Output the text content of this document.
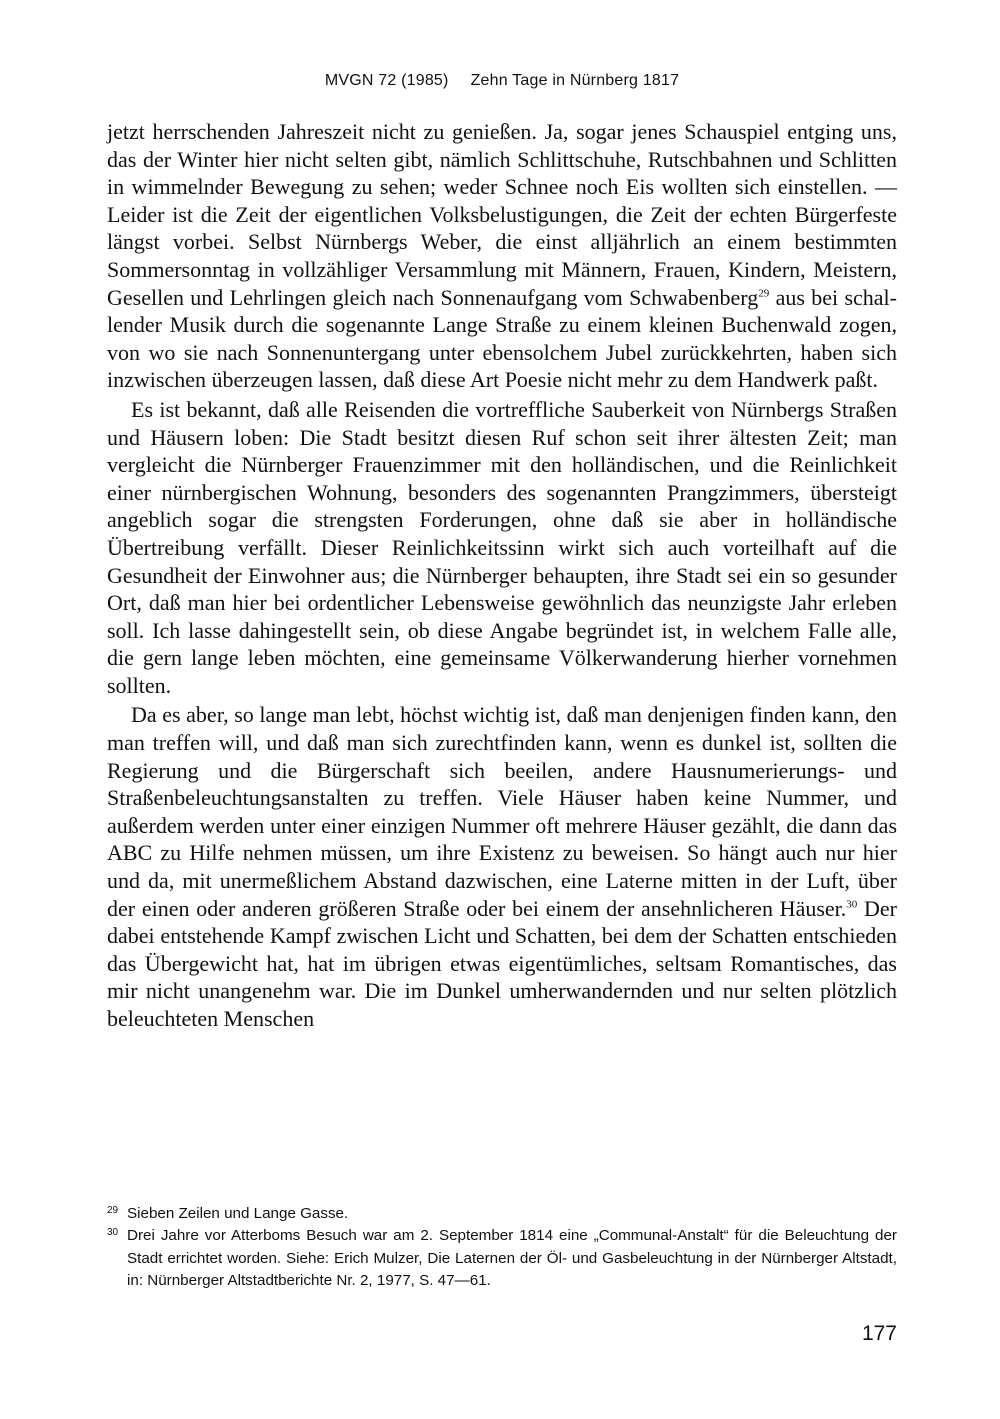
MVGN 72 (1985) Zehn Tage in Nürnberg 1817

jetzt herrschenden Jahreszeit nicht zu genießen. Ja, sogar jenes Schauspiel entging uns, das der Winter hier nicht selten gibt, nämlich Schlittschuhe, Rutschbahnen und Schlitten in wimmelnder Bewegung zu sehen; weder Schnee noch Eis wollten sich einstellen. — Leider ist die Zeit der eigentlichen Volksbelustigungen, die Zeit der echten Bürgerfeste längst vorbei. Selbst Nürnbergs Weber, die einst alljährlich an einem bestimmten Sommersonntag in vollzähliger Versammlung mit Männern, Frauen, Kindern, Meistern, Gesellen und Lehrlingen gleich nach Sonnenaufgang vom Schwabenberg$^{29}$ aus bei schallender Musik durch die sogenannte Lange Straße zu einem kleinen Buchenwald zogen, von wo sie nach Sonnenuntergang unter ebensolchem Jubel zurückkehrten, haben sich inzwischen überzeugen lassen, daß diese Art Poesie nicht mehr zu dem Handwerk paßt.

Es ist bekannt, daß alle Reisenden die vortreffliche Sauberkeit von Nürnbergs Straßen und Häusern loben: Die Stadt besitzt diesen Ruf schon seit ihrer ältesten Zeit; man vergleicht die Nürnberger Frauenzimmer mit den holländischen, und die Reinlichkeit einer nürnbergischen Wohnung, besonders des sogenannten Prangzimmers, übersteigt angeblich sogar die strengsten Forderungen, ohne daß sie aber in holländische Übertreibung verfällt. Dieser Reinlichkeitssinn wirkt sich auch vorteilhaft auf die Gesundheit der Einwohner aus; die Nürnberger behaupten, ihre Stadt sei ein so gesunder Ort, daß man hier bei ordentlicher Lebensweise gewöhnlich das neunzigste Jahr erleben soll. Ich lasse dahingestellt sein, ob diese Angabe begründet ist, in welchem Falle alle, die gern lange leben möchten, eine gemeinsame Völkerwanderung hierher vornehmen sollten.

Da es aber, so lange man lebt, höchst wichtig ist, daß man denjenigen finden kann, den man treffen will, und daß man sich zurechtfinden kann, wenn es dunkel ist, sollten die Regierung und die Bürgerschaft sich beeilen, andere Hausnumerierungs- und Straßenbeleuchtungsanstalten zu treffen. Viele Häuser haben keine Nummer, und außerdem werden unter einer einzigen Nummer oft mehrere Häuser gezählt, die dann das ABC zu Hilfe nehmen müssen, um ihre Existenz zu beweisen. So hängt auch nur hier und da, mit unermeßlichem Abstand dazwischen, eine Laterne mitten in der Luft, über der einen oder anderen größeren Straße oder bei einem der ansehnlicheren Häuser.$^{30}$ Der dabei entstehende Kampf zwischen Licht und Schatten, bei dem der Schatten entschieden das Übergewicht hat, hat im übrigen etwas eigentümliches, seltsam Romantisches, das mir nicht unangenehm war. Die im Dunkel umherwandernden und nur selten plötzlich beleuchteten Menschen

29 Sieben Zeilen und Lange Gasse.

30 Drei Jahre vor Atterboms Besuch war am 2. September 1814 eine „Communal-Anstalt“ für die Beleuchtung der Stadt errichtet worden. Siehe: Erich Mulzer, Die Laternen der Öl- und Gasbeleuchtung in der Nürnberger Altstadt, in: Nürnberger Altstadtberichte Nr. 2, 1977, S. 47—61.

177
